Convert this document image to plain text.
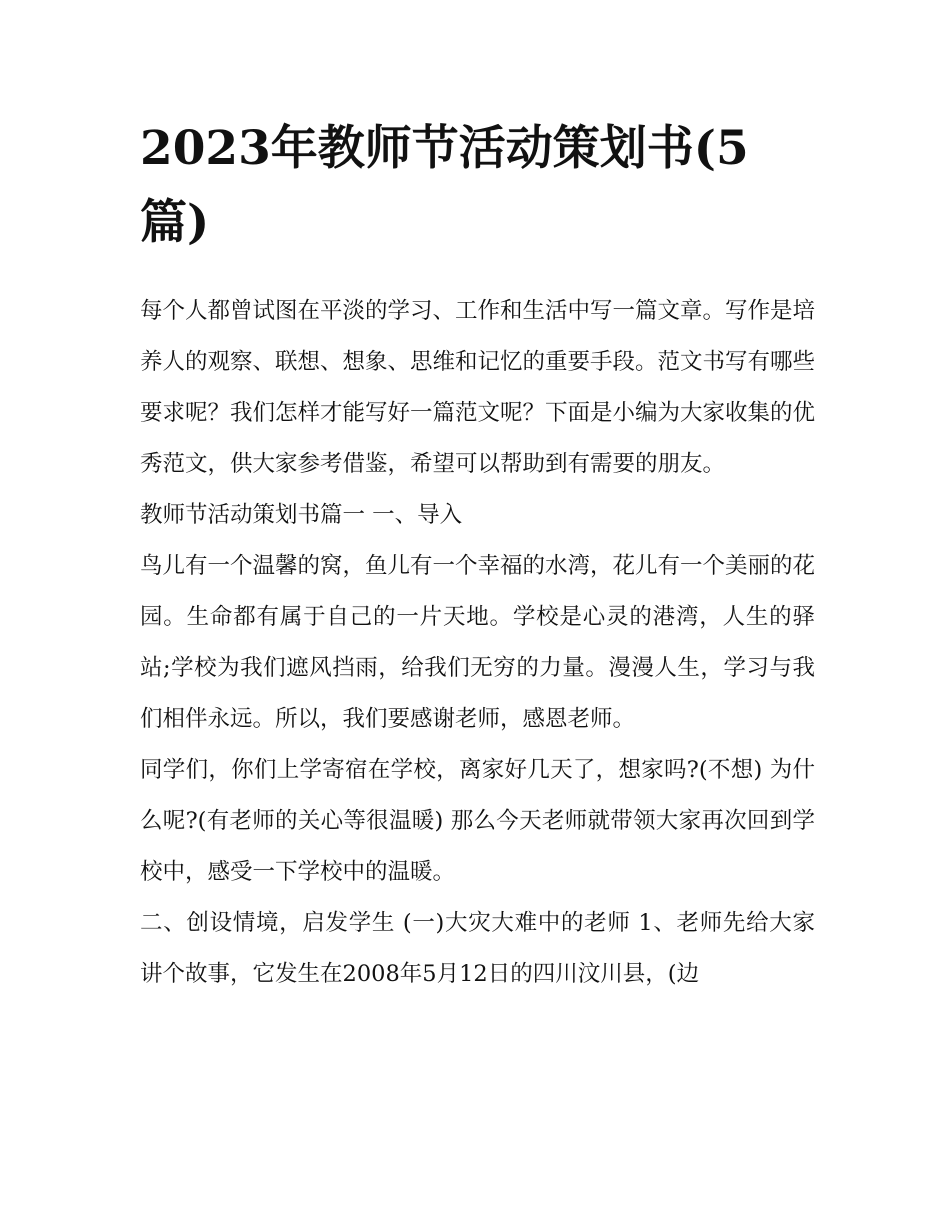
2023年教师节活动策划书(5篇)

每个人都曾试图在平淡的学习、工作和生活中写一篇文章。写作是培养人的观察、联想、想象、思维和记忆的重要手段。范文书写有哪些要求呢？我们怎样才能写好一篇范文呢？下面是小编为大家收集的优秀范文，供大家参考借鉴，希望可以帮助到有需要的朋友。

教师节活动策划书篇一 一、导入

鸟儿有一个温馨的窝，鱼儿有一个幸福的水湾，花儿有一个美丽的花园。生命都有属于自己的一片天地。学校是心灵的港湾，人生的驿站;学校为我们遮风挡雨，给我们无穷的力量。漫漫人生，学习与我们相伴永远。所以，我们要感谢老师，感恩老师。

同学们，你们上学寄宿在学校，离家好几天了，想家吗?(不想) 为什么呢?(有老师的关心等很温暖) 那么今天老师就带领大家再次回到学校中，感受一下学校中的温暖。

二、创设情境，启发学生 (一)大灾大难中的老师 1、老师先给大家讲个故事，它发生在2008年5月12日的四川汶川县，(边
